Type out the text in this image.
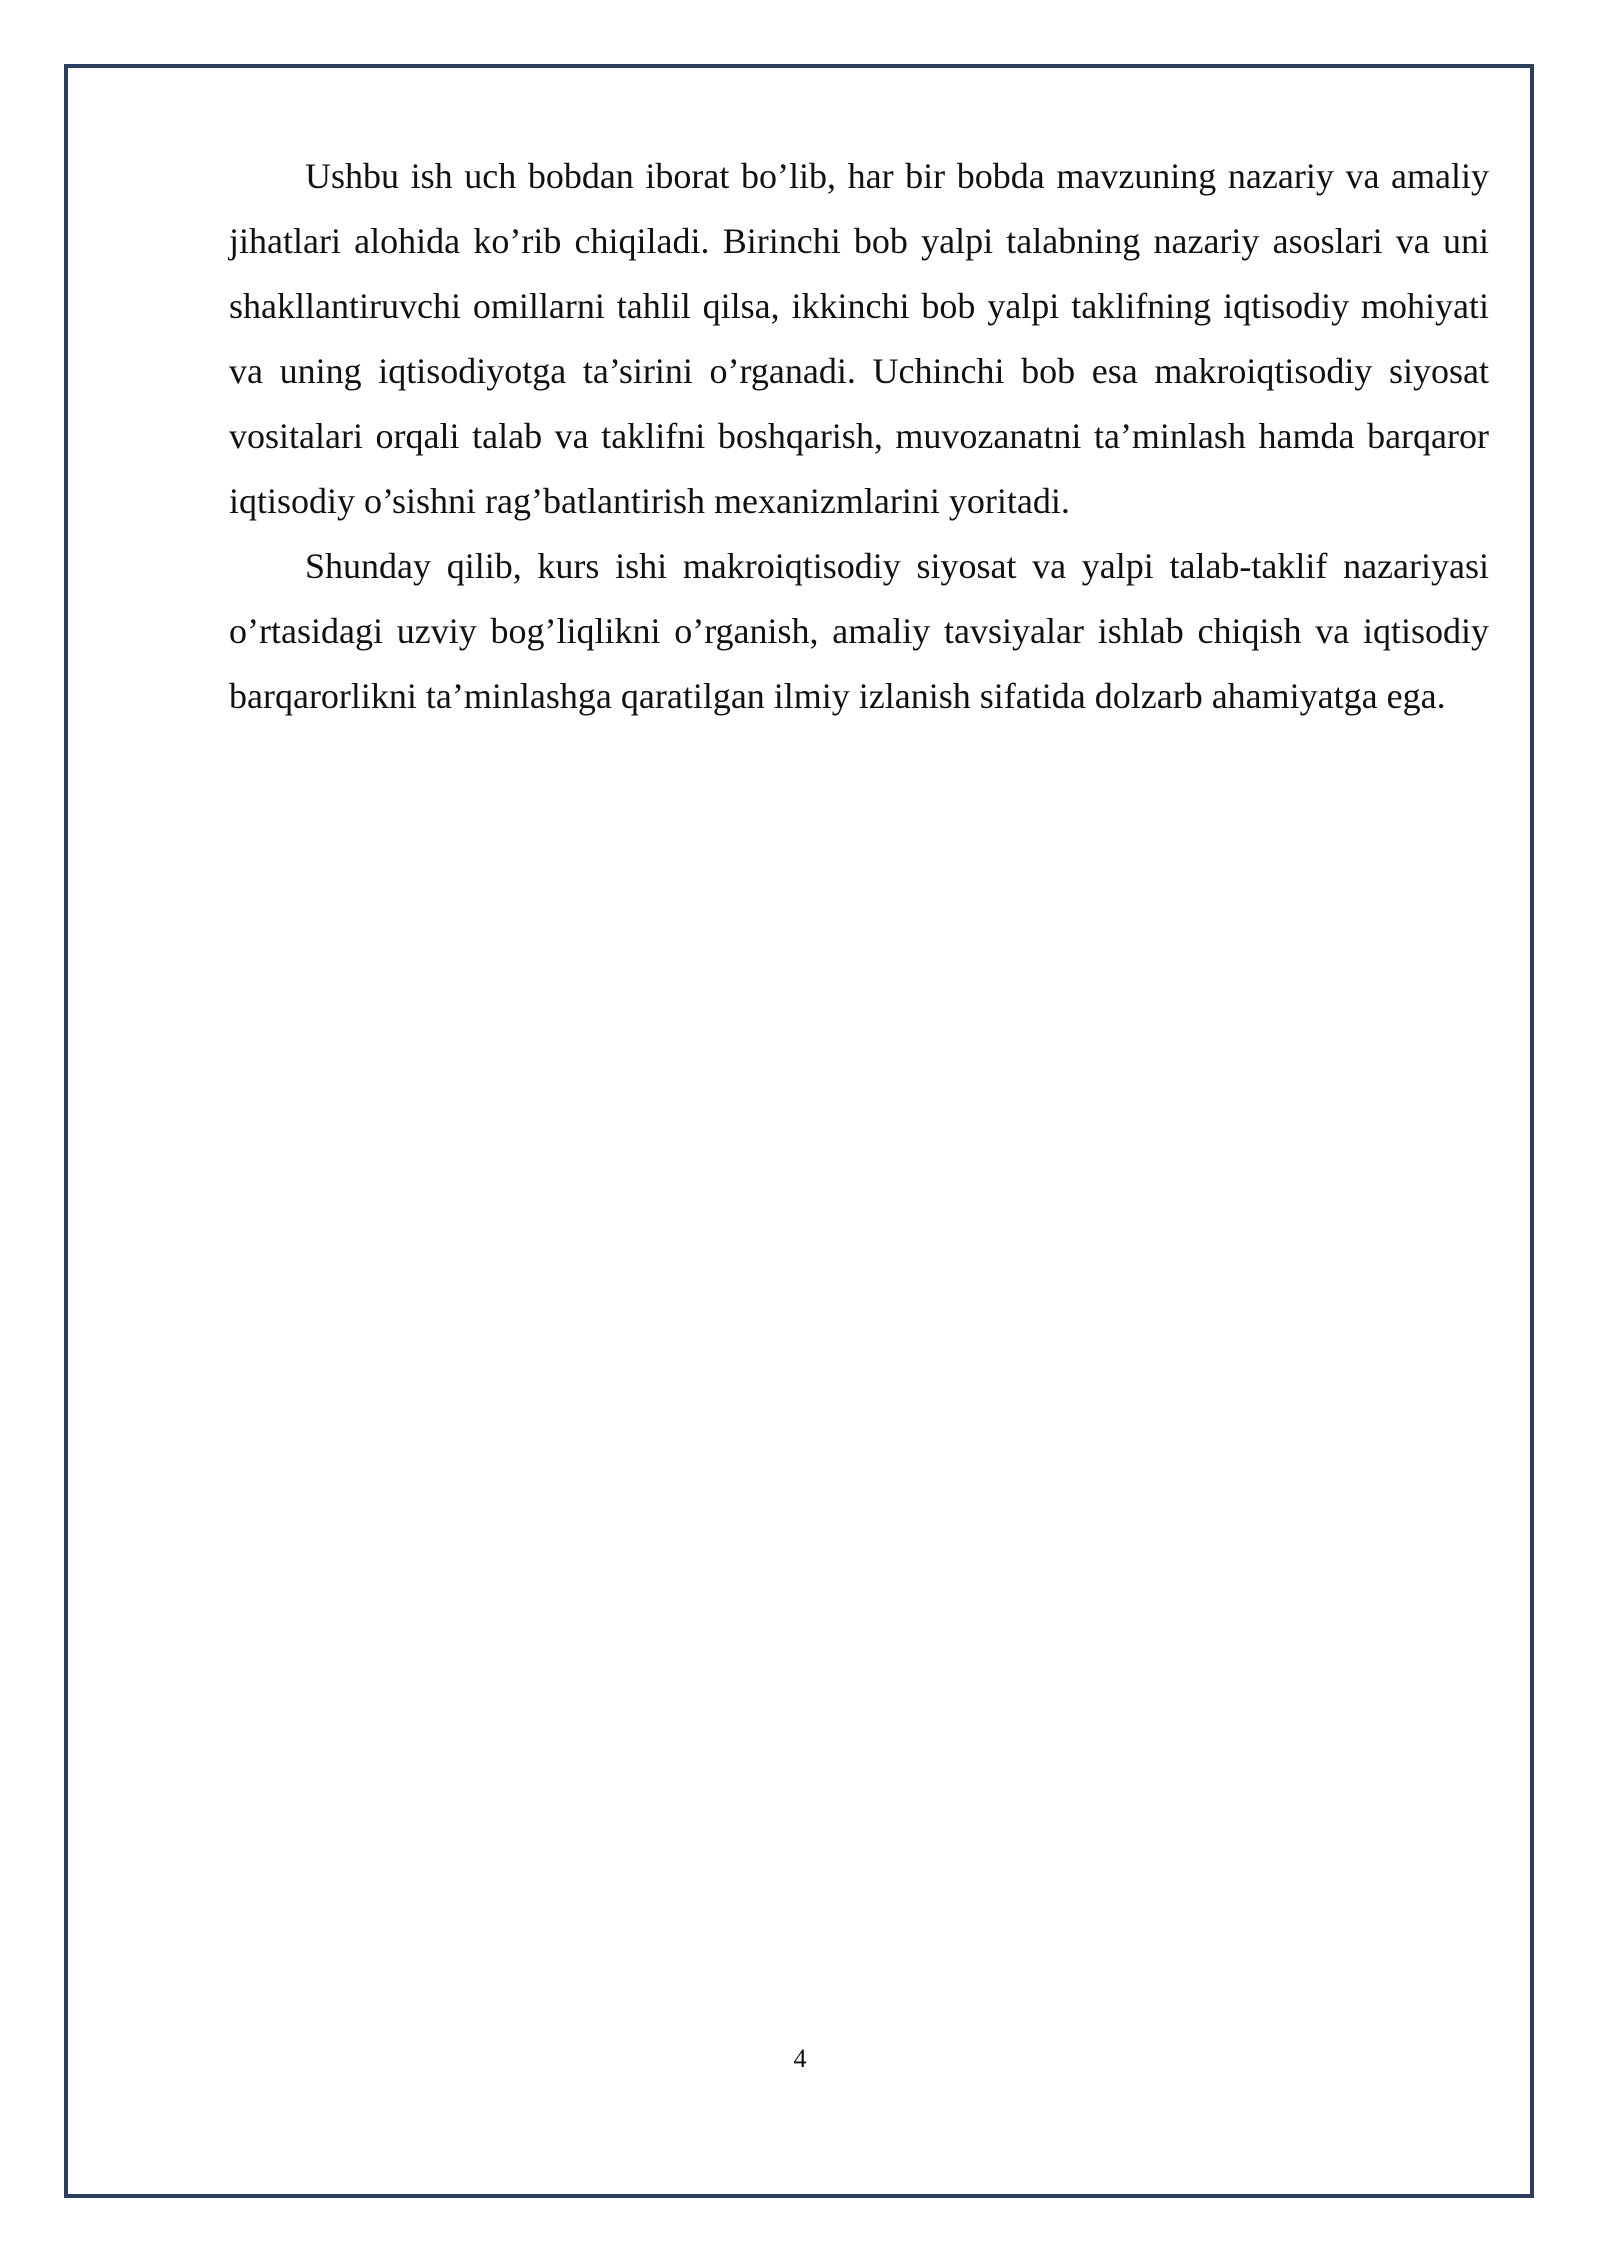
Ushbu ish uch bobdan iborat bo’lib, har bir bobda mavzuning nazariy va amaliy jihatlari alohida ko’rib chiqiladi. Birinchi bob yalpi talabning nazariy asoslari va uni shakllantiruvchi omillarni tahlil qilsa, ikkinchi bob yalpi taklifning iqtisodiy mohiyati va uning iqtisodiyotga ta’sirini o’rganadi. Uchinchi bob esa makroiqtisodiy siyosat vositalari orqali talab va taklifni boshqarish, muvozanatni ta’minlash hamda barqaror iqtisodiy o’sishni rag’batlantirish mexanizmlarini yoritadi.

Shunday qilib, kurs ishi makroiqtisodiy siyosat va yalpi talab-taklif nazariyasi o’rtasidagi uzviy bog’liqlikni o’rganish, amaliy tavsiyalar ishlab chiqish va iqtisodiy barqarorlikni ta’minlashga qaratilgan ilmiy izlanish sifatida dolzarb ahamiyatga ega.

4
